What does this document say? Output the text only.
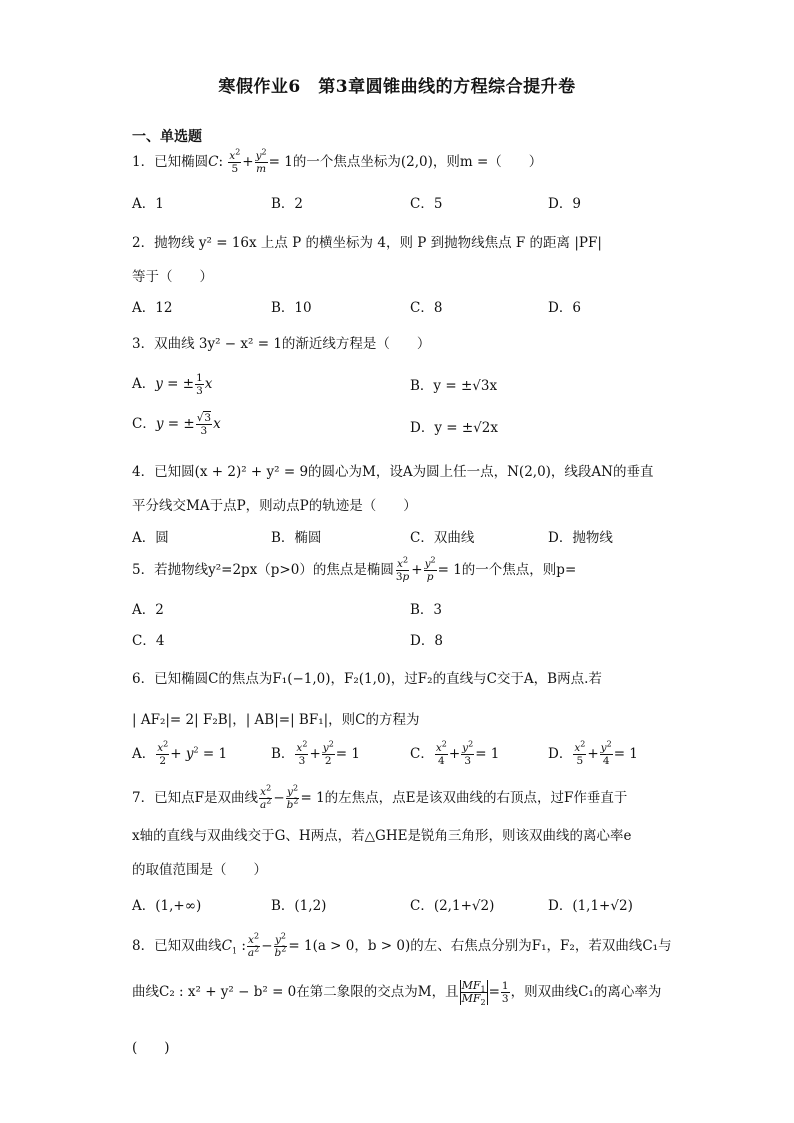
寒假作业6　第3章圆锥曲线的方程综合提升卷
一、单选题
1．已知椭圆C: $\frac{x^2}{5} + \frac{y^2}{m} = 1$的一个焦点坐标为(2,0)，则m =（　　）
A．1	B．2	C．5	D．9
2．抛物线 y² = 16x 上点 P 的横坐标为 4，则 P 到抛物线焦点 F 的距离 |PF|
等于（　　）
A．12	B．10	C．8	D．6
3．双曲线 3y² − x² = 1的渐近线方程是（　　）
A．y = ± $\frac{1}{3}$ x	B．y = ±√3x
C．y = ± $\frac{√3}{3}$ x	D．y = ±√2x
4．已知圆(x + 2)² + y² = 9的圆心为M，设A为圆上任一点，N(2,0)，线段AN的垂直
平分线交MA于点P，则动点P的轨迹是（　　）
A．圆	B．椭圆	C．双曲线	D．抛物线
5．若抛物线y²=2px（p>0）的焦点是椭圆 $\frac{x^2}{3p} + \frac{y^2}{p} = 1$的一个焦点，则p=
A．2	B．3
C．4	D．8
6．已知椭圆C的焦点为F₁(−1,0)，F₂(1,0)，过F₂的直线与C交于A，B两点.若
| AF₂|= 2| F₂B|，| AB|=| BF₁|，则C的方程为
A． $\frac{x^2}{2} + y^2 = 1$	B． $\frac{x^2}{3} + \frac{y^2}{2} = 1$	C． $\frac{x^2}{4} + \frac{y^2}{3} = 1$	D． $\frac{x^2}{5} + \frac{y^2}{4} = 1$
7．已知点F是双曲线 $\frac{x^2}{a^2} - \frac{y^2}{b^2} = 1$的左焦点，点E是该双曲线的右顶点，过F作垂直于
x轴的直线与双曲线交于G、H两点，若△GHE是锐角三角形，则该双曲线的离心率e
的取值范围是（　　）
A．(1,+∞)	B．(1,2)	C．(2,1+√2)	D．(1,1+√2)
8．已知双曲线$C_1$ : $\frac{x^2}{a^2} - \frac{y^2}{b^2} = 1(a > 0$，b > 0)的左、右焦点分别为F₁，F₂，若双曲线C₁与
曲线C₂ : x² + y² − b² = 0在第二象限的交点为M，且 $\frac{MF_1}{MF_2} = \frac{1}{3}$ ，则双曲线C₁的离心率为
(　　)
